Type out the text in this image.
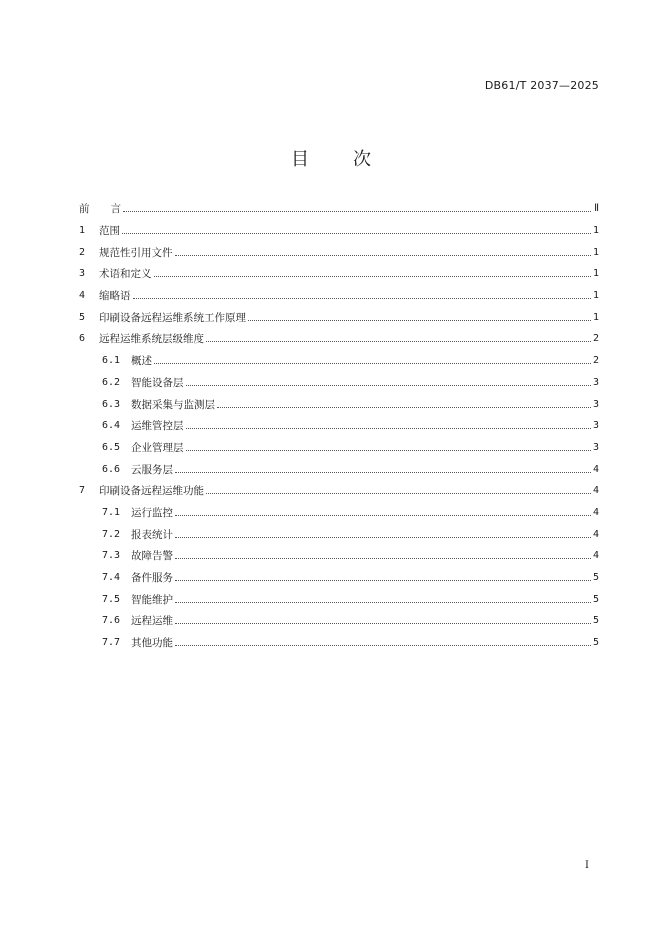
DB61/T 2037—2025
目 次
前　　言	Ⅱ
1	范围	1
2	规范性引用文件	1
3	术语和定义	1
4	缩略语	1
5	印刷设备远程运维系统工作原理	1
6	远程运维系统层级维度	2
6.1	概述	2
6.2	智能设备层	3
6.3	数据采集与监测层	3
6.4	运维管控层	3
6.5	企业管理层	3
6.6	云服务层	4
7	印刷设备远程运维功能	4
7.1	运行监控	4
7.2	报表统计	4
7.3	故障告警	4
7.4	备件服务	5
7.5	智能维护	5
7.6	远程运维	5
7.7	其他功能	5
I
